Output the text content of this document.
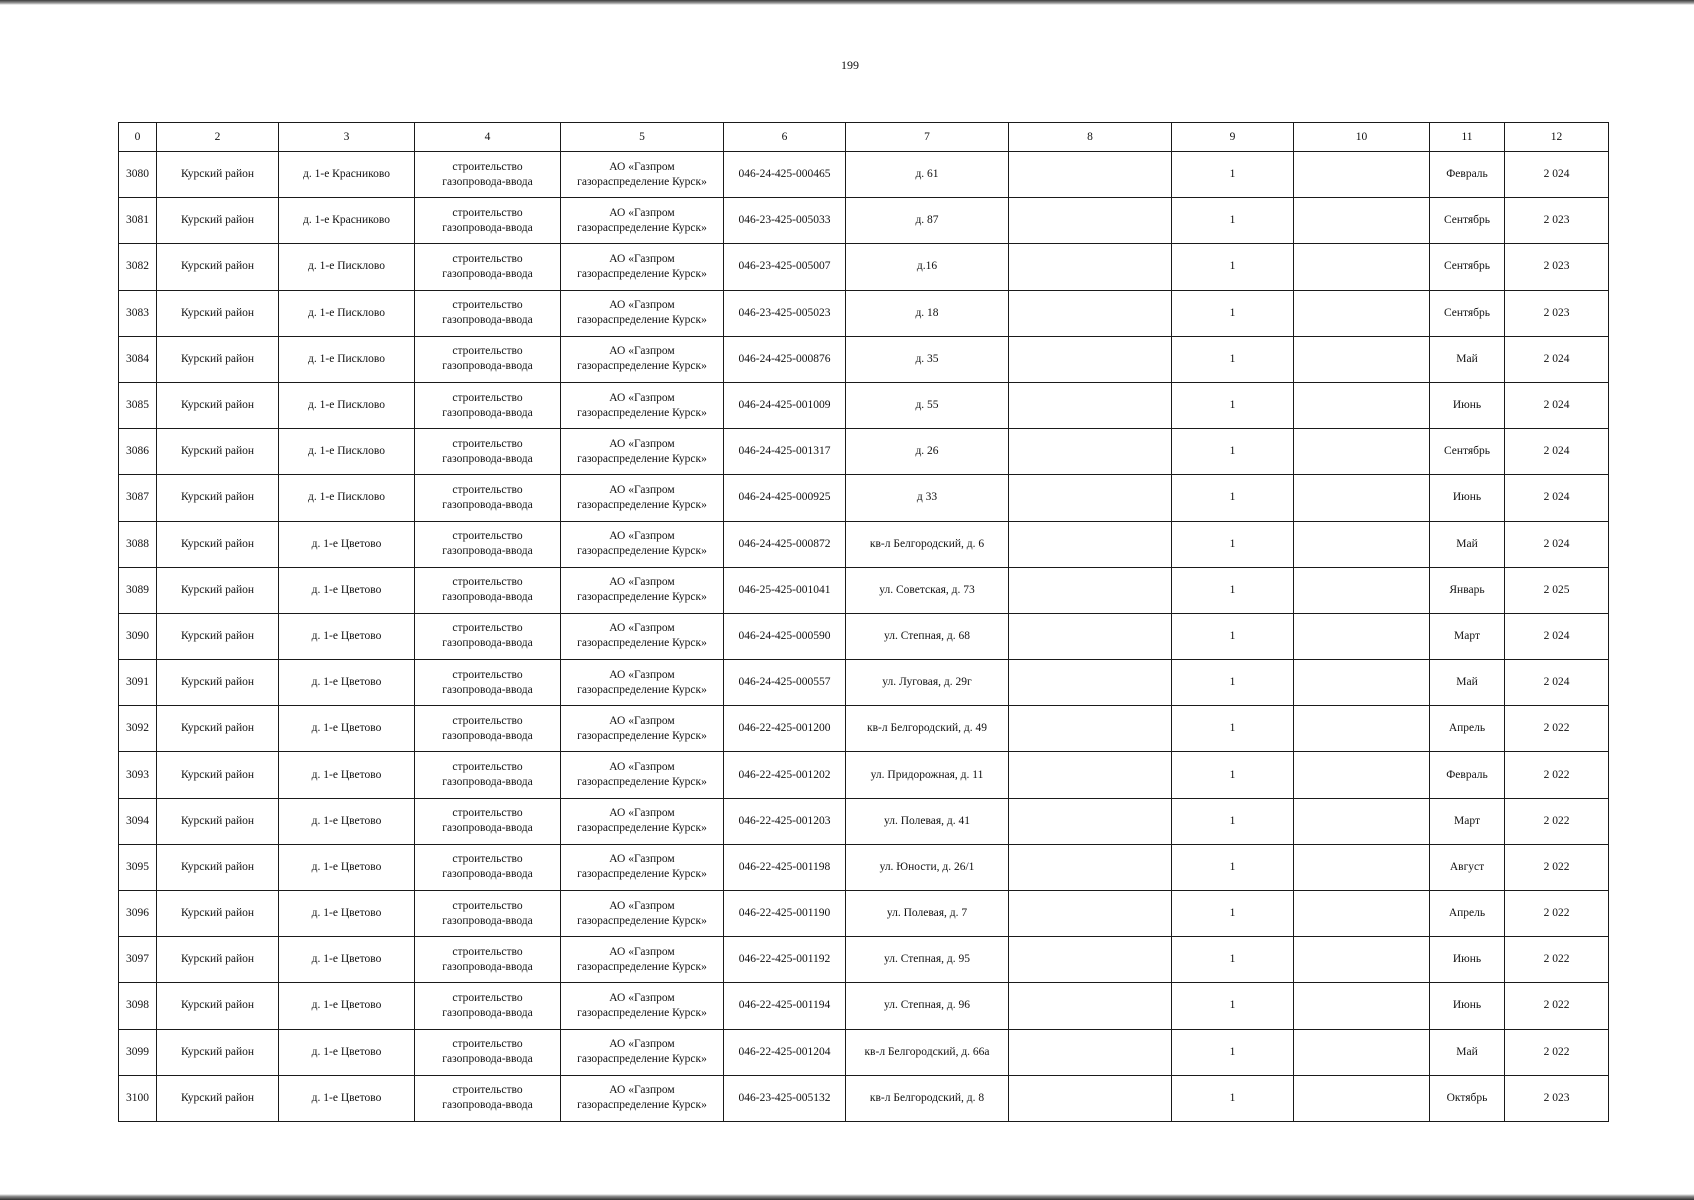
199
0	2	3	4	5	6	7	8	9	10	11	12
3080	Курский район	д. 1-е Красниково	строительство
газопровода-ввода	АО «Газпром
газораспределение Курск»	046-24-425-000465	д. 61		1		Февраль	2 024
3081	Курский район	д. 1-е Красниково	строительство
газопровода-ввода	АО «Газпром
газораспределение Курск»	046-23-425-005033	д. 87		1		Сентябрь	2 023
3082	Курский район	д. 1-е Писклово	строительство
газопровода-ввода	АО «Газпром
газораспределение Курск»	046-23-425-005007	д.16		1		Сентябрь	2 023
3083	Курский район	д. 1-е Писклово	строительство
газопровода-ввода	АО «Газпром
газораспределение Курск»	046-23-425-005023	д. 18		1		Сентябрь	2 023
3084	Курский район	д. 1-е Писклово	строительство
газопровода-ввода	АО «Газпром
газораспределение Курск»	046-24-425-000876	д. 35		1		Май	2 024
3085	Курский район	д. 1-е Писклово	строительство
газопровода-ввода	АО «Газпром
газораспределение Курск»	046-24-425-001009	д. 55		1		Июнь	2 024
3086	Курский район	д. 1-е Писклово	строительство
газопровода-ввода	АО «Газпром
газораспределение Курск»	046-24-425-001317	д. 26		1		Сентябрь	2 024
3087	Курский район	д. 1-е Писклово	строительство
газопровода-ввода	АО «Газпром
газораспределение Курск»	046-24-425-000925	д 33		1		Июнь	2 024
3088	Курский район	д. 1-е Цветово	строительство
газопровода-ввода	АО «Газпром
газораспределение Курск»	046-24-425-000872	кв-л Белгородский, д. 6		1		Май	2 024
3089	Курский район	д. 1-е Цветово	строительство
газопровода-ввода	АО «Газпром
газораспределение Курск»	046-25-425-001041	ул. Советская, д. 73		1		Январь	2 025
3090	Курский район	д. 1-е Цветово	строительство
газопровода-ввода	АО «Газпром
газораспределение Курск»	046-24-425-000590	ул. Степная, д. 68		1		Март	2 024
3091	Курский район	д. 1-е Цветово	строительство
газопровода-ввода	АО «Газпром
газораспределение Курск»	046-24-425-000557	ул. Луговая, д. 29г		1		Май	2 024
3092	Курский район	д. 1-е Цветово	строительство
газопровода-ввода	АО «Газпром
газораспределение Курск»	046-22-425-001200	кв-л Белгородский, д. 49		1		Апрель	2 022
3093	Курский район	д. 1-е Цветово	строительство
газопровода-ввода	АО «Газпром
газораспределение Курск»	046-22-425-001202	ул. Придорожная, д. 11		1		Февраль	2 022
3094	Курский район	д. 1-е Цветово	строительство
газопровода-ввода	АО «Газпром
газораспределение Курск»	046-22-425-001203	ул. Полевая, д. 41		1		Март	2 022
3095	Курский район	д. 1-е Цветово	строительство
газопровода-ввода	АО «Газпром
газораспределение Курск»	046-22-425-001198	ул. Юности, д. 26/1		1		Август	2 022
3096	Курский район	д. 1-е Цветово	строительство
газопровода-ввода	АО «Газпром
газораспределение Курск»	046-22-425-001190	ул. Полевая, д. 7		1		Апрель	2 022
3097	Курский район	д. 1-е Цветово	строительство
газопровода-ввода	АО «Газпром
газораспределение Курск»	046-22-425-001192	ул. Степная, д. 95		1		Июнь	2 022
3098	Курский район	д. 1-е Цветово	строительство
газопровода-ввода	АО «Газпром
газораспределение Курск»	046-22-425-001194	ул. Степная, д. 96		1		Июнь	2 022
3099	Курский район	д. 1-е Цветово	строительство
газопровода-ввода	АО «Газпром
газораспределение Курск»	046-22-425-001204	кв-л Белгородский, д. 66а		1		Май	2 022
3100	Курский район	д. 1-е Цветово	строительство
газопровода-ввода	АО «Газпром
газораспределение Курск»	046-23-425-005132	кв-л Белгородский, д. 8		1		Октябрь	2 023
